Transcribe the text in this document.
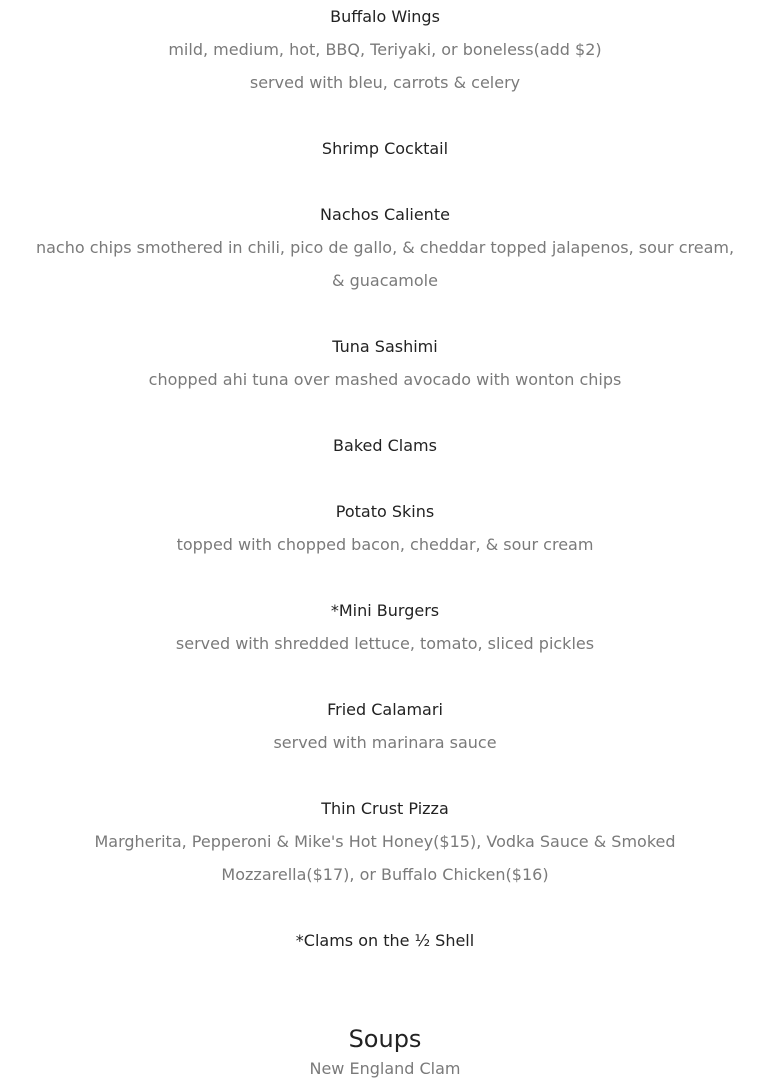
Buffalo Wings
mild, medium, hot, BBQ, Teriyaki, or boneless(add $2)
served with bleu, carrots & celery
Shrimp Cocktail
Nachos Caliente
nacho chips smothered in chili, pico de gallo, & cheddar topped jalapenos, sour cream, & guacamole
Tuna Sashimi
chopped ahi tuna over mashed avocado with wonton chips
Baked Clams
Potato Skins
topped with chopped bacon, cheddar, & sour cream
*Mini Burgers
served with shredded lettuce, tomato, sliced pickles
Fried Calamari
served with marinara sauce
Thin Crust Pizza
Margherita, Pepperoni & Mike's Hot Honey($15), Vodka Sauce & Smoked Mozzarella($17), or Buffalo Chicken($16)
*Clams on the ½ Shell
Soups
New England Clam
